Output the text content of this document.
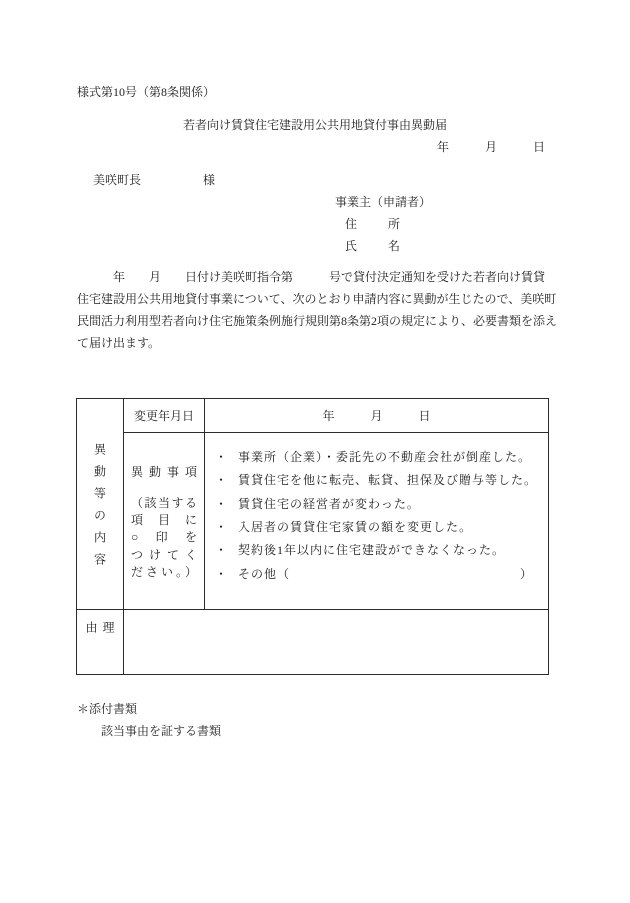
様式第10号（第8条関係）
若者向け賃貸住宅建設用公共用地貸付事由異動届
年　　　月　　　日
美咲町長	様
事業主（申請者）
住	所
氏	名
　　　年　　月　　日付け美咲町指令第　　　号で貸付決定通知を受けた若者向け賃貸
住宅建設用公共用地貸付事業について、次のとおり申請内容に異動が生じたので、美咲町
民間活力利用型若者向け住宅施策条例施行規則第8条第2項の規定により、必要書類を添え
て届け出ます。
異動等の内容
変更年月日	年　　　月　　　日
異動事項
（該当する
項目に
○印を
つけてく
ださい。）
・ 事業所（企業）・委託先の不動産会社が倒産した。
・ 賃貸住宅を他に転売、転貸、担保及び贈与等した。
・ 賃貸住宅の経営者が変わった。
・ 入居者の賃貸住宅家賃の額を変更した。
・ 契約後1年以内に住宅建設ができなくなった。
・ その他（	）
理由
＊添付書類
該当事由を証する書類
